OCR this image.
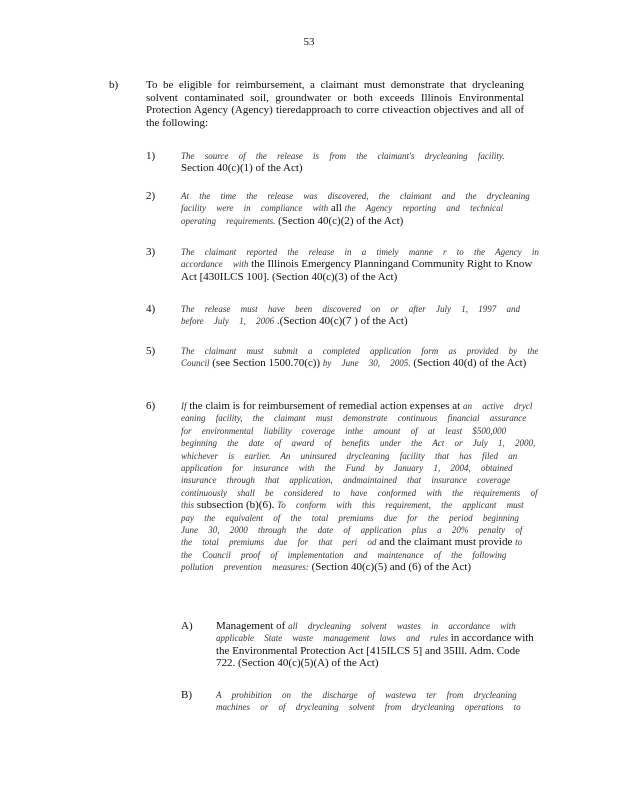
53
b)	To be eligible for reimbursement, a claimant must demonstrate that drycleaning solvent contaminated soil, groundwater or both exceeds Illinois Environmental Protection Agency (Agency) tieredapproach to corre ctiveaction objectives and all of the following:
1)	The source of the release is from the claimant's drycleaning facility. Section 40(c)(1) of the Act)
2)	At the time the release was discovered, the claimant and the drycleaning facility were in compliance with all the Agency reporting and technical operating requirements. (Section 40(c)(2) of the Act)
3)	The claimant reported the release in a timely manne r to the Agency in accordance with the Illinois Emergency Planningand Community Right to Know Act [430ILCS 100]. (Section 40(c)(3) of the Act)
4)	The release must have been discovered on or after July 1, 1997 and before July 1, 2006 .(Section 40(c)(7 ) of the Act)
5)	The claimant must submit a completed application form as provided by the Council (see Section 1500.70(c)) by June 30, 2005. (Section 40(d) of the Act)
6)	If the claim is for reimbursement of remedial action expenses at an active drycl eaning facility, the claimant must demonstrate continuous financial assurance for environmental liability coverage inthe amount of at least $500,000 beginning the date of award of benefits under the Act or July 1, 2000, whichever is earlier. An uninsured drycleaning facility that has filed an application for insurance with the Fund by January 1, 2004, obtained insurance through that application, andmaintained that insurance coverage continuously shall be considered to have conformed with the requirements of this subsection (b)(6). To conform with this requirement, the applicant must pay the equivalent of the total premiums due for the period beginning June 30, 2000 through the date of application plus a 20% penalty of the total premiums due for that peri od and the claimant must provide to the Council proof of implementation and maintenance of the following pollution prevention measures: (Section 40(c)(5) and (6) of the Act)
A) Management of all drycleaning solvent wastes in accordance with applicable State waste management laws and rules in accordance with the Environmental Protection Act [415ILCS 5] and 35Ill. Adm. Code 722. (Section 40(c)(5)(A) of the Act)
B)	A prohibition on the discharge of wastewa ter from drycleaning machines or of drycleaning solvent from drycleaning operations to
